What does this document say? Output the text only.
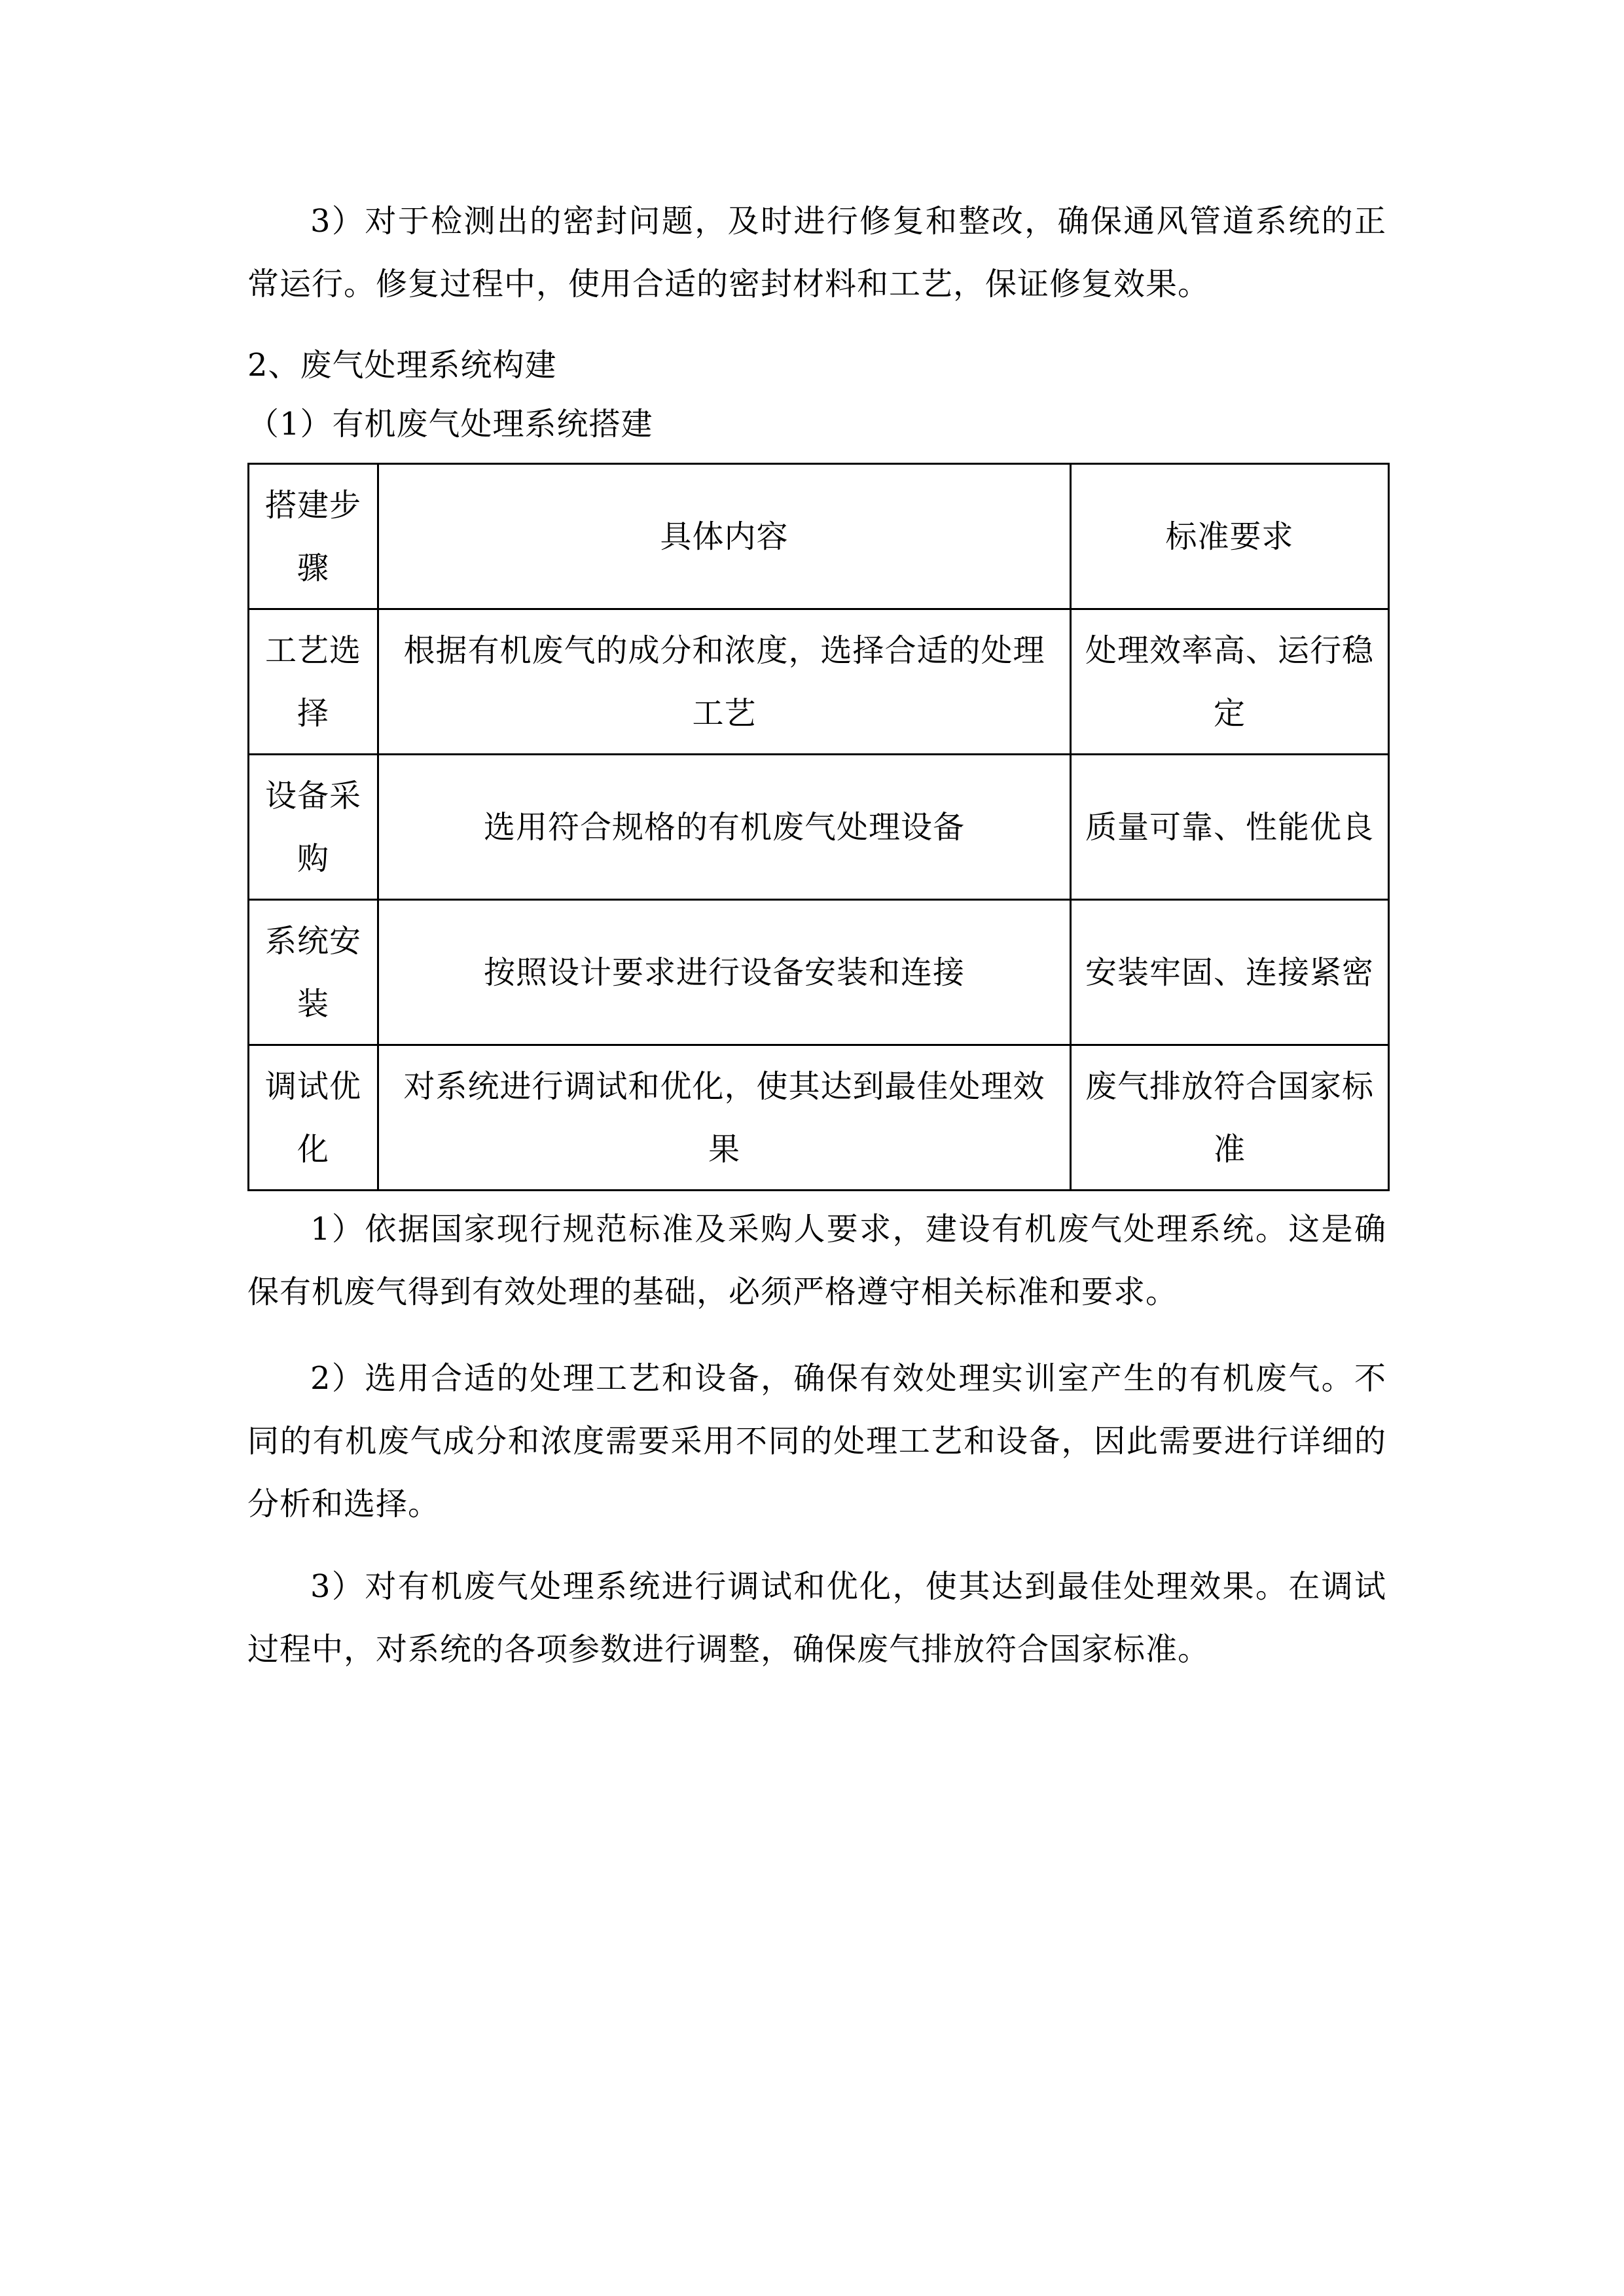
3）对于检测出的密封问题，及时进行修复和整改，确保通风管道系统的正常运行。修复过程中，使用合适的密封材料和工艺，保证修复效果。

2、废气处理系统构建

（1）有机废气处理系统搭建

搭建步骤	具体内容	标准要求
工艺选择	根据有机废气的成分和浓度，选择合适的处理工艺	处理效率高、运行稳定
设备采购	选用符合规格的有机废气处理设备	质量可靠、性能优良
系统安装	按照设计要求进行设备安装和连接	安装牢固、连接紧密
调试优化	对系统进行调试和优化，使其达到最佳处理效果	废气排放符合国家标准

1）依据国家现行规范标准及采购人要求，建设有机废气处理系统。这是确保有机废气得到有效处理的基础，必须严格遵守相关标准和要求。

2）选用合适的处理工艺和设备，确保有效处理实训室产生的有机废气。不同的有机废气成分和浓度需要采用不同的处理工艺和设备，因此需要进行详细的分析和选择。

3）对有机废气处理系统进行调试和优化，使其达到最佳处理效果。在调试过程中，对系统的各项参数进行调整，确保废气排放符合国家标准。
